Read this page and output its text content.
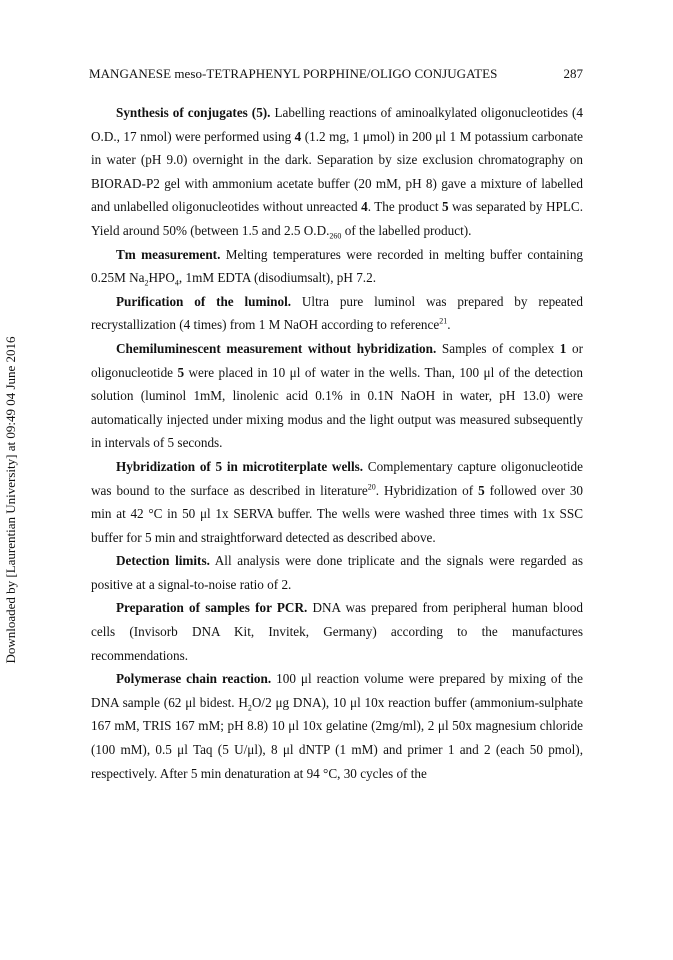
MANGANESE meso-TETRAPHENYL PORPHINE/OLIGO CONJUGATES	287
Downloaded by [Laurentian University] at 09:49 04 June 2016

Synthesis of conjugates (5). Labelling reactions of aminoalkylated oligonucleotides (4 O.D., 17 nmol) were performed using 4 (1.2 mg, 1 μmol) in 200 μl 1 M potassium carbonate in water (pH 9.0) overnight in the dark. Separation by size exclusion chromatography on BIORAD-P2 gel with ammonium acetate buffer (20 mM, pH 8) gave a mixture of labelled and unlabelled oligonucleotides without unreacted 4. The product 5 was separated by HPLC. Yield around 50% (between 1.5 and 2.5 $O.D._{260}$ of the labelled product).

Tm measurement. Melting temperatures were recorded in melting buffer containing 0.25M $Na_2HPO_4$, 1mM EDTA (disodiumsalt), pH 7.2.

Purification of the luminol. Ultra pure luminol was prepared by repeated recrystallization (4 times) from 1 M NaOH according to reference$^{21}$.

Chemiluminescent measurement without hybridization. Samples of complex 1 or oligonucleotide 5 were placed in 10 μl of water in the wells. Than, 100 μl of the detection solution (luminol 1mM, linolenic acid 0.1% in 0.1N NaOH in water, pH 13.0) were automatically injected under mixing modus and the light output was measured subsequently in intervals of 5 seconds.

Hybridization of 5 in microtiterplate wells. Complementary capture oligonucleotide was bound to the surface as described in literature$^{20}$. Hybridization of 5 followed over 30 min at 42 °C in 50 μl 1x SERVA buffer. The wells were washed three times with 1x SSC buffer for 5 min and straightforward detected as described above.

Detection limits. All analysis were done triplicate and the signals were regarded as positive at a signal-to-noise ratio of 2.

Preparation of samples for PCR. DNA was prepared from peripheral human blood cells (Invisorb DNA Kit, Invitek, Germany) according to the manufactures recommendations.

Polymerase chain reaction. 100 μl reaction volume were prepared by mixing of the DNA sample (62 μl bidest. $H_2O/2$ μg DNA), 10 μl 10x reaction buffer (ammonium-sulphate 167 mM, TRIS 167 mM; pH 8.8) 10 μl 10x gelatine (2mg/ml), 2 μl 50x magnesium chloride (100 mM), 0.5 μl Taq (5 U/μl), 8 μl dNTP (1 mM) and primer 1 and 2 (each 50 pmol), respectively. After 5 min denaturation at 94 °C, 30 cycles of the
